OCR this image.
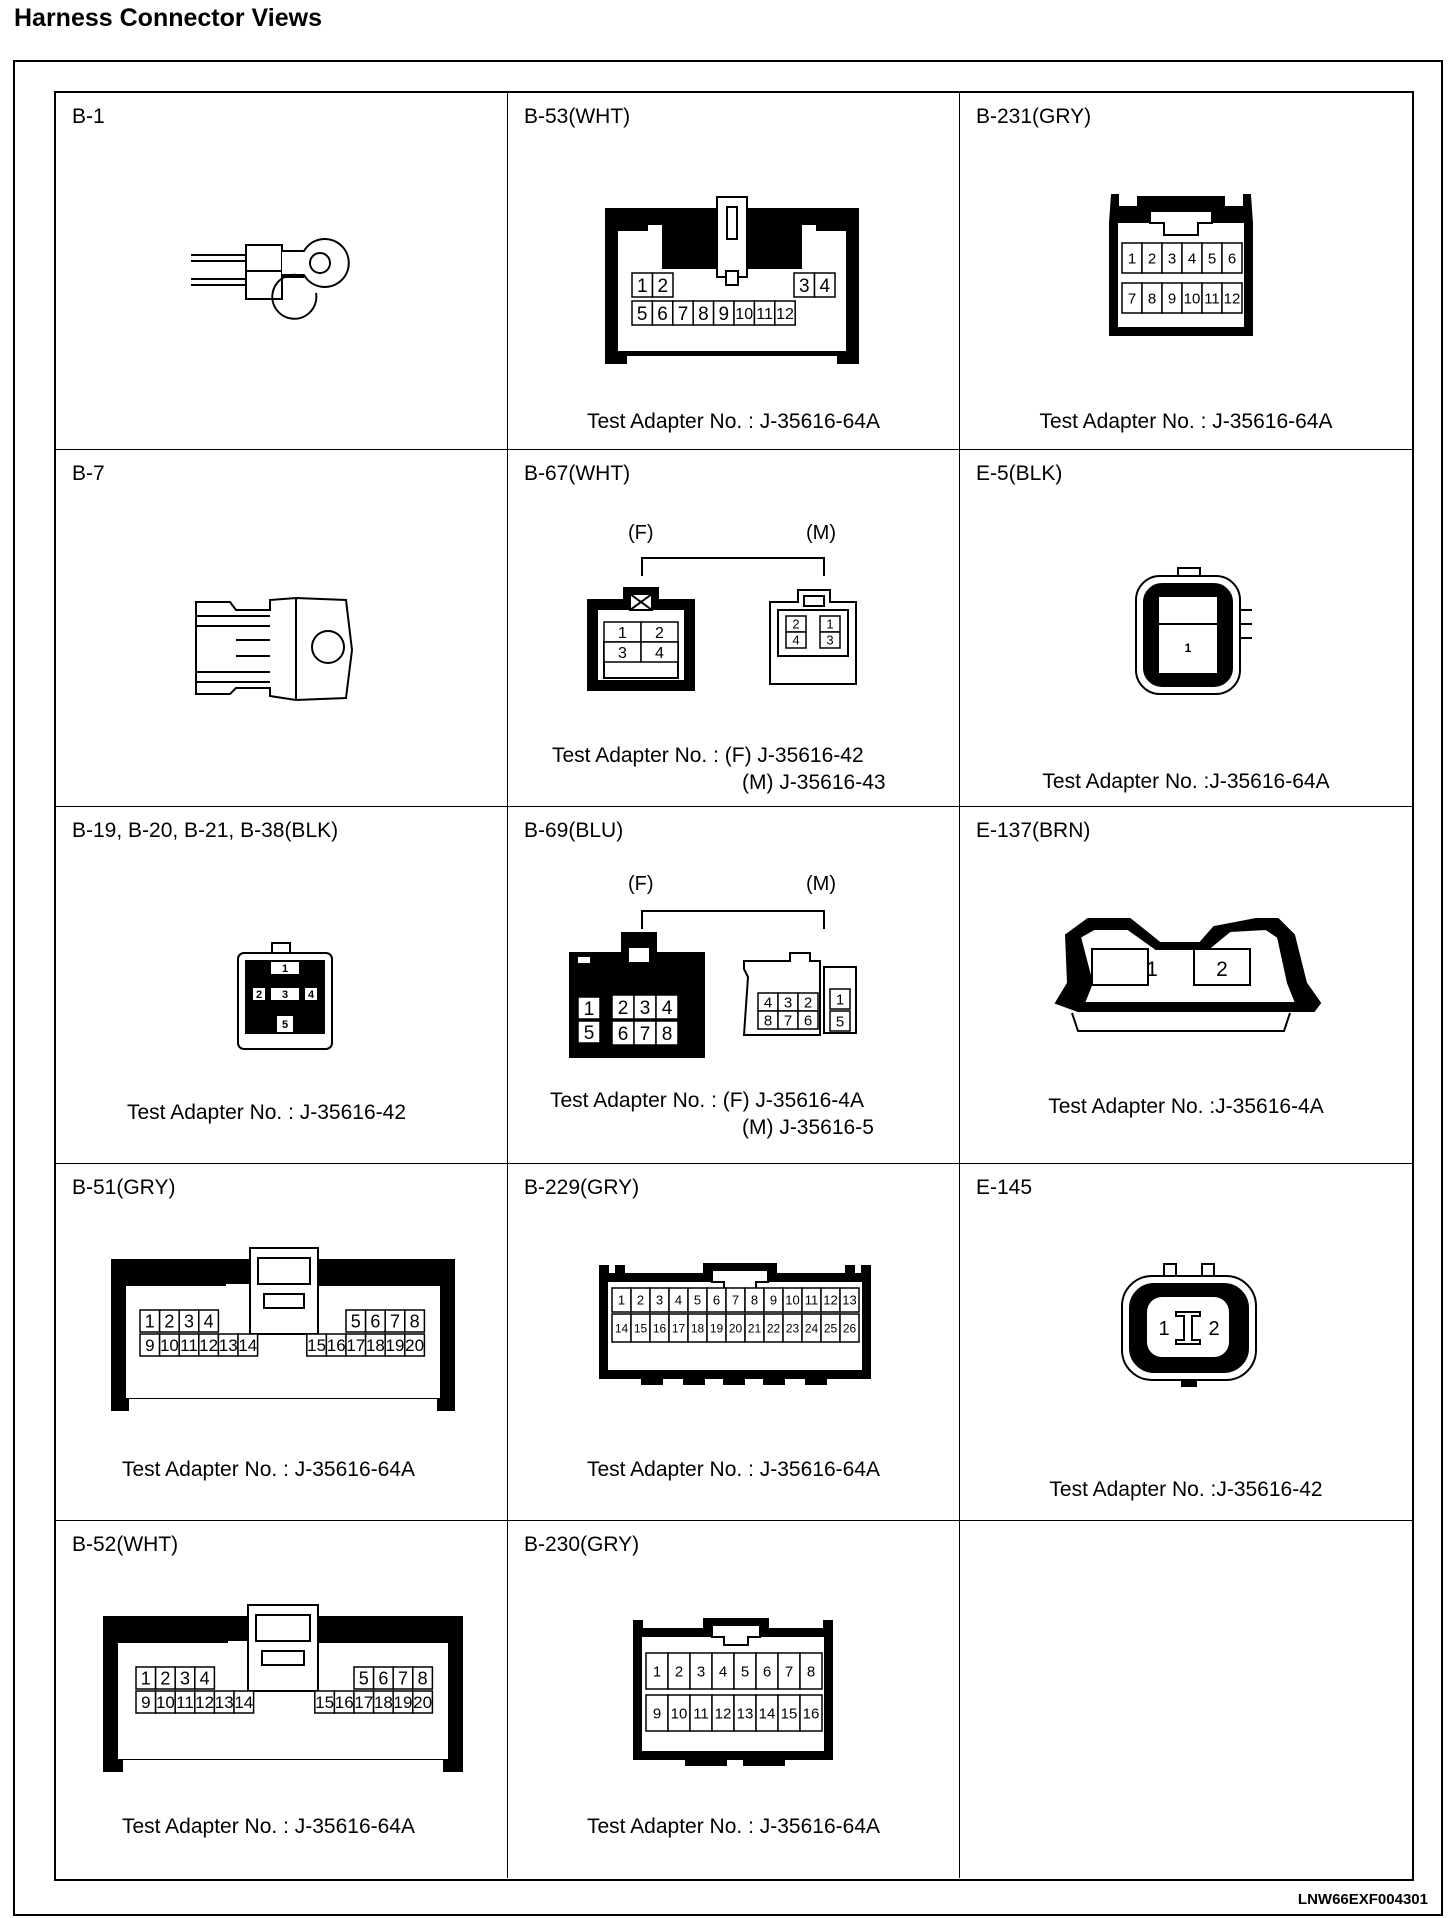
Harness Connector Views
B-1	B-53(WHT)
1 2	3 4
5 6 7 8 9 10 11 12
Test Adapter No. : J-35616-64A
B-231(GRY)
1 2 3 4 5 6
7 8 9 10 11 12
Test Adapter No. : J-35616-64A
B-7	B-67(WHT)
(F)	(M)
1 2
3 4
2
4
1
3
Test Adapter No. : (F) J-35616-42
(M) J-35616-43
E-5(BLK)
1
Test Adapter No. :J-35616-64A
B-19, B-20, B-21, B-38(BLK)
1
2 3 4
5
Test Adapter No. : J-35616-42
B-69(BLU)
(F)	(M)
1
5
2 3 4
6 7 8
4 3 2
8 7 6
1
5
Test Adapter No. : (F) J-35616-4A
(M) J-35616-5
E-137(BRN)
1	2
Test Adapter No. :J-35616-4A
B-51(GRY)
1 2 3 4	5 6 7 8
9 10 11 12 13 14	15 16 17 18 19 20
Test Adapter No. : J-35616-64A
B-229(GRY)
1 2 3 4 5 6 7 8 9 10 11 12 13
14 15 16 17 18 19 20 21 22 23 24 25 26
Test Adapter No. : J-35616-64A
E-145
1 2
Test Adapter No. :J-35616-42
B-52(WHT)
1 2 3 4	5 6 7 8
9 10 11 12 13 14	15 16 17 18 19 20
Test Adapter No. : J-35616-64A
B-230(GRY)
1 2 3 4 5 6 7 8
9 10 11 12 13 14 15 16
Test Adapter No. : J-35616-64A
LNW66EXF004301
